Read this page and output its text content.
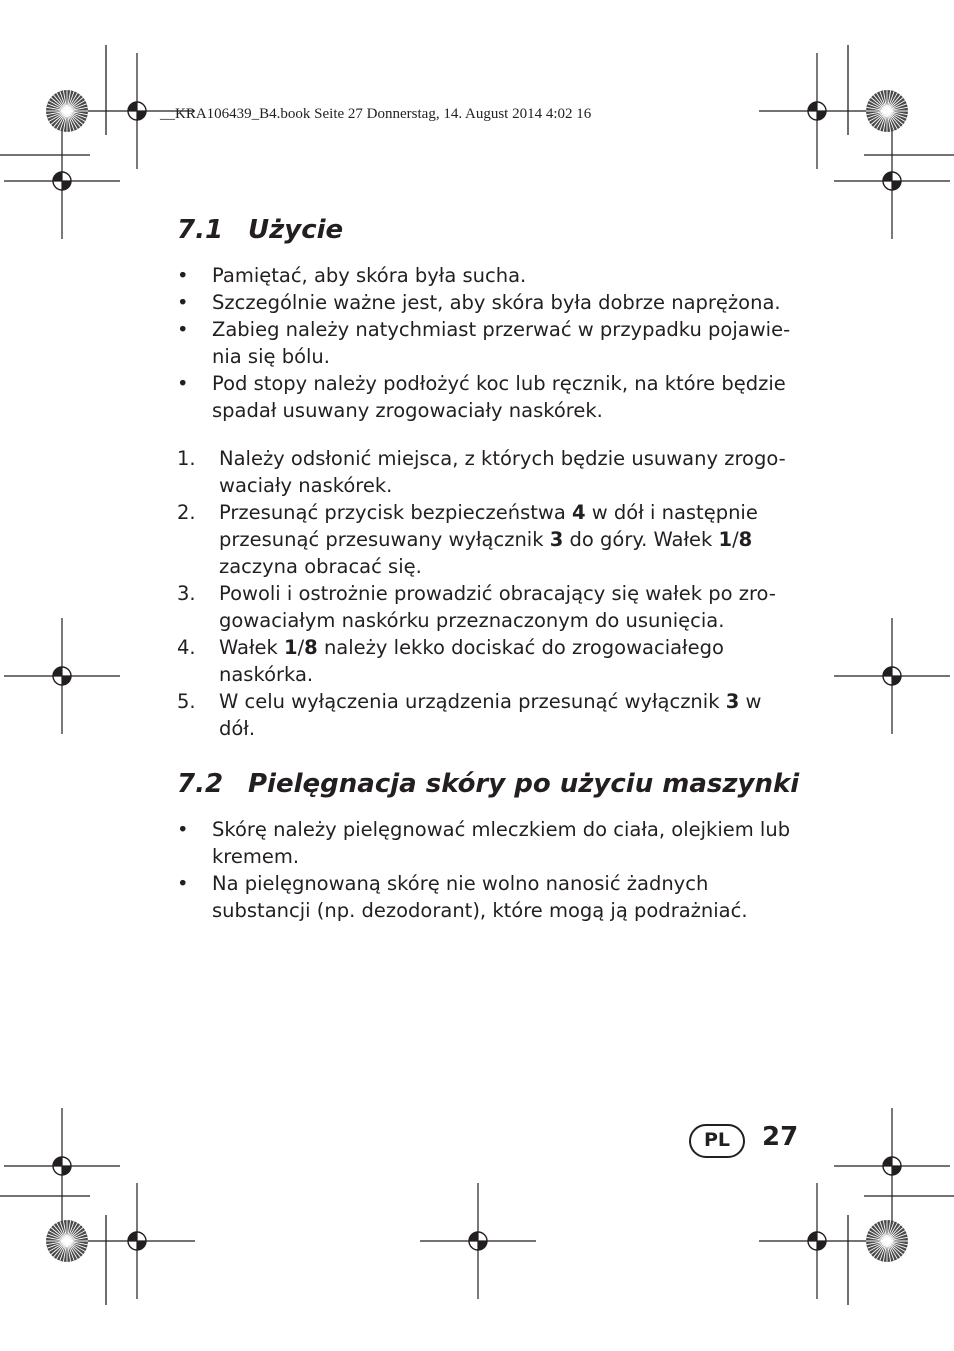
__KRA106439_B4.book Seite 27 Donnerstag, 14. August 2014 4:02 16
7.1 Użycie
• Pamiętać, aby skóra była sucha.
• Szczególnie ważne jest, aby skóra była dobrze naprężona.
• Zabieg należy natychmiast przerwać w przypadku pojawie-
nia się bólu.
• Pod stopy należy podłożyć koc lub ręcznik, na które będzie
spadał usuwany zrogowaciały naskórek.
1. Należy odsłonić miejsca, z których będzie usuwany zrogo-
waciały naskórek.
2. Przesunąć przycisk bezpieczeństwa 4 w dół i następnie
przesunąć przesuwany wyłącznik 3 do góry. Wałek 1/8
zaczyna obracać się.
3. Powoli i ostrożnie prowadzić obracający się wałek po zro-
gowaciałym naskórku przeznaczonym do usunięcia.
4. Wałek 1/8 należy lekko dociskać do zrogowaciałego
naskórka.
5. W celu wyłączenia urządzenia przesunąć wyłącznik 3 w
dół.
7.2 Pielęgnacja skóry po użyciu maszynki
• Skórę należy pielęgnować mleczkiem do ciała, olejkiem lub
kremem.
• Na pielęgnowaną skórę nie wolno nanosić żadnych
substancji (np. dezodorant), które mogą ją podrażniać.
PL	27
